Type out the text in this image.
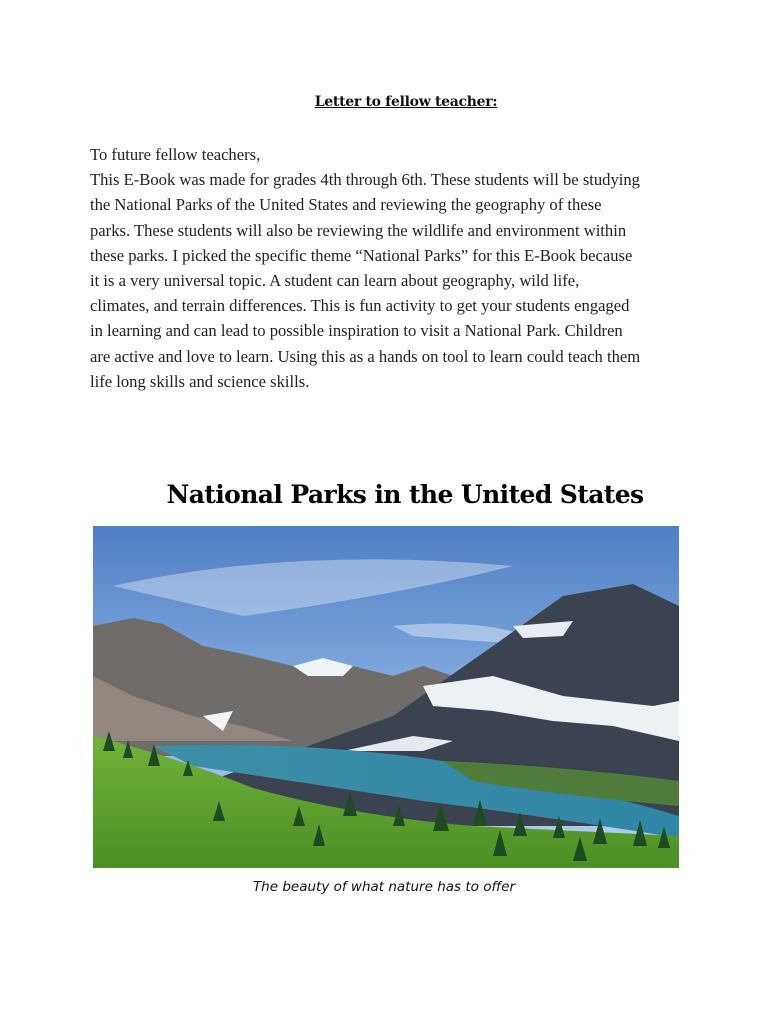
Letter to fellow teacher:
To future fellow teachers,
This E-Book was made for grades 4th through 6th. These students will be studying
the National Parks of the United States and reviewing the geography of these
parks. These students will also be reviewing the wildlife and environment within
these parks. I picked the specific theme “National Parks” for this E-Book because
it is a very universal topic. A student can learn about geography, wild life,
climates, and terrain differences. This is fun activity to get your students engaged
in learning and can lead to possible inspiration to visit a National Park. Children
are active and love to learn. Using this as a hands on tool to learn could teach them
life long skills and science skills.
National Parks in the United States
The beauty of what nature has to offer
